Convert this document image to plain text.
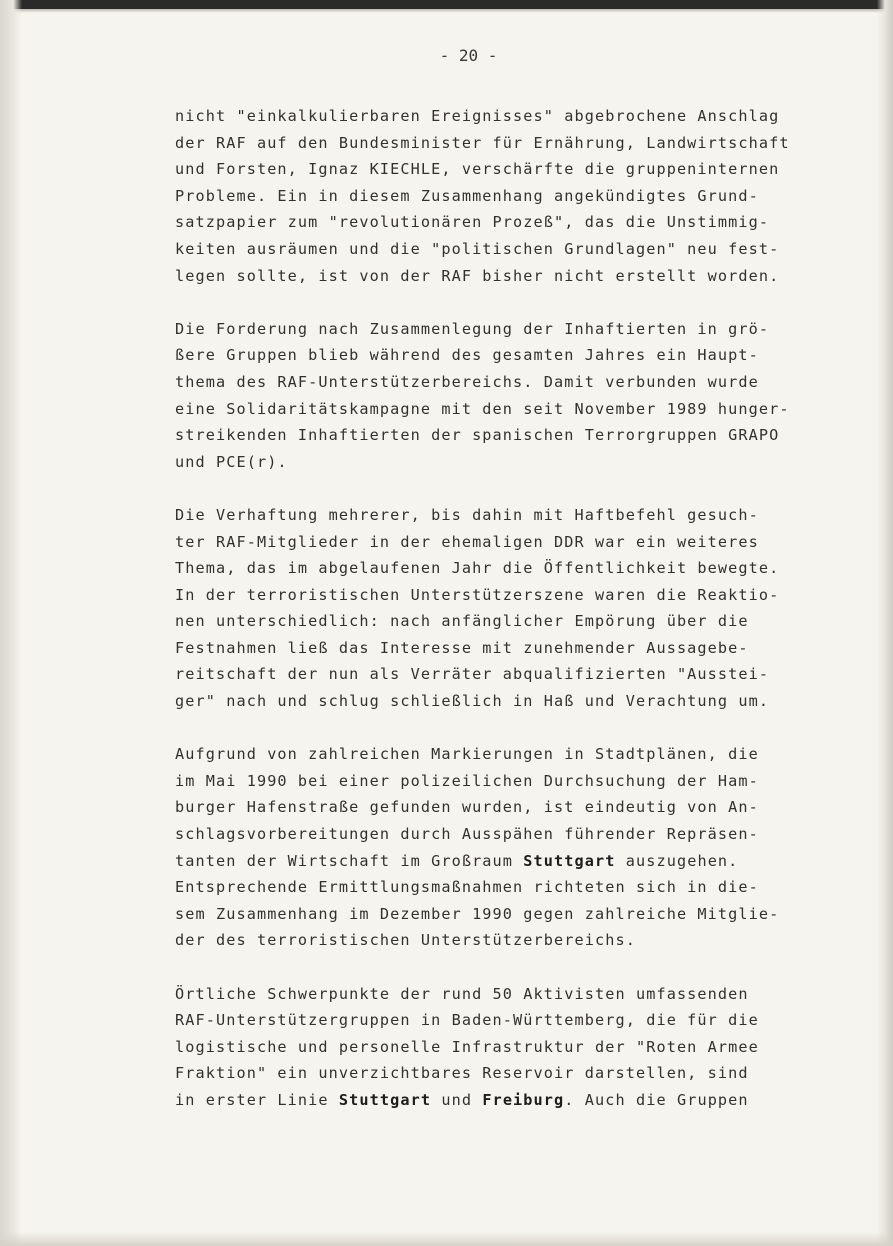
- 20 -
nicht "einkalkulierbaren Ereignisses" abgebrochene Anschlag
der RAF auf den Bundesminister für Ernährung, Landwirtschaft
und Forsten, Ignaz KIECHLE, verschärfte die gruppeninternen
Probleme. Ein in diesem Zusammenhang angekündigtes Grund-
satzpapier zum "revolutionären Prozeß", das die Unstimmig-
keiten ausräumen und die "politischen Grundlagen" neu fest-
legen sollte, ist von der RAF bisher nicht erstellt worden.
Die Forderung nach Zusammenlegung der Inhaftierten in grö-
ßere Gruppen blieb während des gesamten Jahres ein Haupt-
thema des RAF-Unterstützerbereichs. Damit verbunden wurde
eine Solidaritätskampagne mit den seit November 1989 hunger-
streikenden Inhaftierten der spanischen Terrorgruppen GRAPO
und PCE(r).
Die Verhaftung mehrerer, bis dahin mit Haftbefehl gesuch-
ter RAF-Mitglieder in der ehemaligen DDR war ein weiteres
Thema, das im abgelaufenen Jahr die Öffentlichkeit bewegte.
In der terroristischen Unterstützerszene waren die Reaktio-
nen unterschiedlich: nach anfänglicher Empörung über die
Festnahmen ließ das Interesse mit zunehmender Aussagebe-
reitschaft der nun als Verräter abqualifizierten "Ausstei-
ger" nach und schlug schließlich in Haß und Verachtung um.
Aufgrund von zahlreichen Markierungen in Stadtplänen, die
im Mai 1990 bei einer polizeilichen Durchsuchung der Ham-
burger Hafenstraße gefunden wurden, ist eindeutig von An-
schlagsvorbereitungen durch Ausspähen führender Repräsen-
tanten der Wirtschaft im Großraum Stuttgart auszugehen.
Entsprechende Ermittlungsmaßnahmen richteten sich in die-
sem Zusammenhang im Dezember 1990 gegen zahlreiche Mitglie-
der des terroristischen Unterstützerbereichs.
Örtliche Schwerpunkte der rund 50 Aktivisten umfassenden
RAF-Unterstützergruppen in Baden-Württemberg, die für die
logistische und personelle Infrastruktur der "Roten Armee
Fraktion" ein unverzichtbares Reservoir darstellen, sind
in erster Linie Stuttgart und Freiburg. Auch die Gruppen
